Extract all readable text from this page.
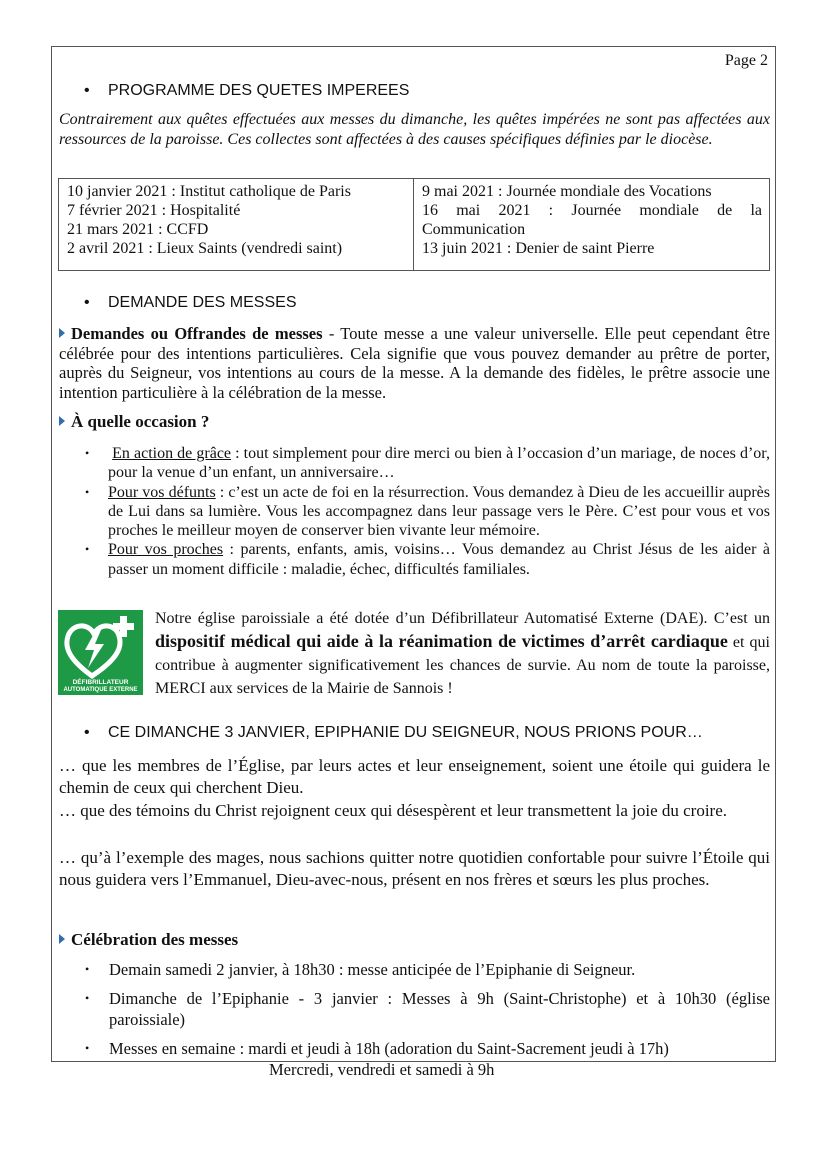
Page 2
• PROGRAMME DES QUETES IMPEREES
Contrairement aux quêtes effectuées aux messes du dimanche, les quêtes impérées ne sont pas affectées aux ressources de la paroisse. Ces collectes sont affectées à des causes spécifiques définies par le diocèse.
10 janvier 2021 : Institut catholique de Paris
7 février 2021 : Hospitalité
21 mars 2021 : CCFD
2 avril 2021 : Lieux Saints (vendredi saint)
9 mai 2021 : Journée mondiale des Vocations
16 mai 2021 : Journée mondiale de la Communication
13 juin 2021 : Denier de saint Pierre
• DEMANDE DES MESSES
Demandes ou Offrandes de messes - Toute messe a une valeur universelle. Elle peut cependant être célébrée pour des intentions particulières. Cela signifie que vous pouvez demander au prêtre de porter, auprès du Seigneur, vos intentions au cours de la messe. A la demande des fidèles, le prêtre associe une intention particulière à la célébration de la messe.
À quelle occasion ?
• En action de grâce : tout simplement pour dire merci ou bien à l’occasion d’un mariage, de noces d’or, pour la venue d’un enfant, un anniversaire…
• Pour vos défunts : c’est un acte de foi en la résurrection. Vous demandez à Dieu de les accueillir auprès de Lui dans sa lumière. Vous les accompagnez dans leur passage vers le Père. C’est pour vous et vos proches le meilleur moyen de conserver bien vivante leur mémoire.
• Pour vos proches : parents, enfants, amis, voisins… Vous demandez au Christ Jésus de les aider à passer un moment difficile : maladie, échec, difficultés familiales.
DÉFIBRILLATEUR
AUTOMATIQUE EXTERNE
Notre église paroissiale a été dotée d’un Défibrillateur Automatisé Externe (DAE). C’est un dispositif médical qui aide à la réanimation de victimes d’arrêt cardiaque et qui contribue à augmenter significativement les chances de survie. Au nom de toute la paroisse, MERCI aux services de la Mairie de Sannois !
• CE DIMANCHE 3 JANVIER, EPIPHANIE DU SEIGNEUR, NOUS PRIONS POUR…
… que les membres de l’Église, par leurs actes et leur enseignement, soient une étoile qui guidera le chemin de ceux qui cherchent Dieu.
… que des témoins du Christ rejoignent ceux qui désespèrent et leur transmettent la joie du croire.
… qu’à l’exemple des mages, nous sachions quitter notre quotidien confortable pour suivre l’Étoile qui nous guidera vers l’Emmanuel, Dieu-avec-nous, présent en nos frères et sœurs les plus proches.
Célébration des messes
• Demain samedi 2 janvier, à 18h30 : messe anticipée de l’Epiphanie di Seigneur.
• Dimanche de l’Epiphanie - 3 janvier : Messes à 9h (Saint-Christophe) et à 10h30 (église paroissiale)
• Messes en semaine : mardi et jeudi à 18h (adoration du Saint-Sacrement jeudi à 17h)
Mercredi, vendredi et samedi à 9h
